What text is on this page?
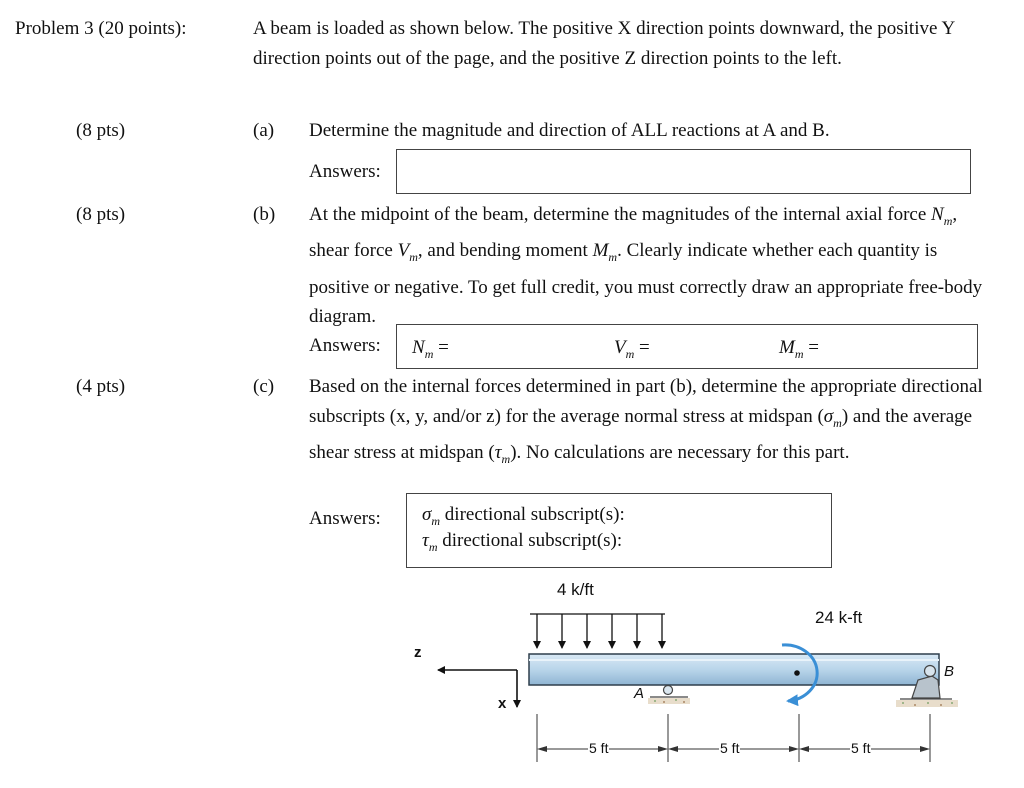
Problem 3 (20 points):	A beam is loaded as shown below. The positive X direction points downward, the positive Y direction points out of the page, and the positive Z direction points to the left.
(8 pts)	(a) Determine the magnitude and direction of ALL reactions at A and B.
Answers:
(8 pts)	(b) At the midpoint of the beam, determine the magnitudes of the internal axial force $N_m$, shear force $V_m$, and bending moment $M_m$. Clearly indicate whether each quantity is positive or negative. To get full credit, you must correctly draw an appropriate free-body diagram.
Answers: $N_m$ =	$V_m$ =	$M_m$ =
(4 pts)	(c) Based on the internal forces determined in part (b), determine the appropriate directional subscripts (x, y, and/or z) for the average normal stress at midspan $(\sigma_m)$ and the average shear stress at midspan $(\tau_m)$. No calculations are necessary for this part.
Answers: $\sigma_m$ directional subscript(s):
$\tau_m$ directional subscript(s):
4 k/ft
24 k-ft
A
B
z
x
5 ft	5 ft	5 ft
